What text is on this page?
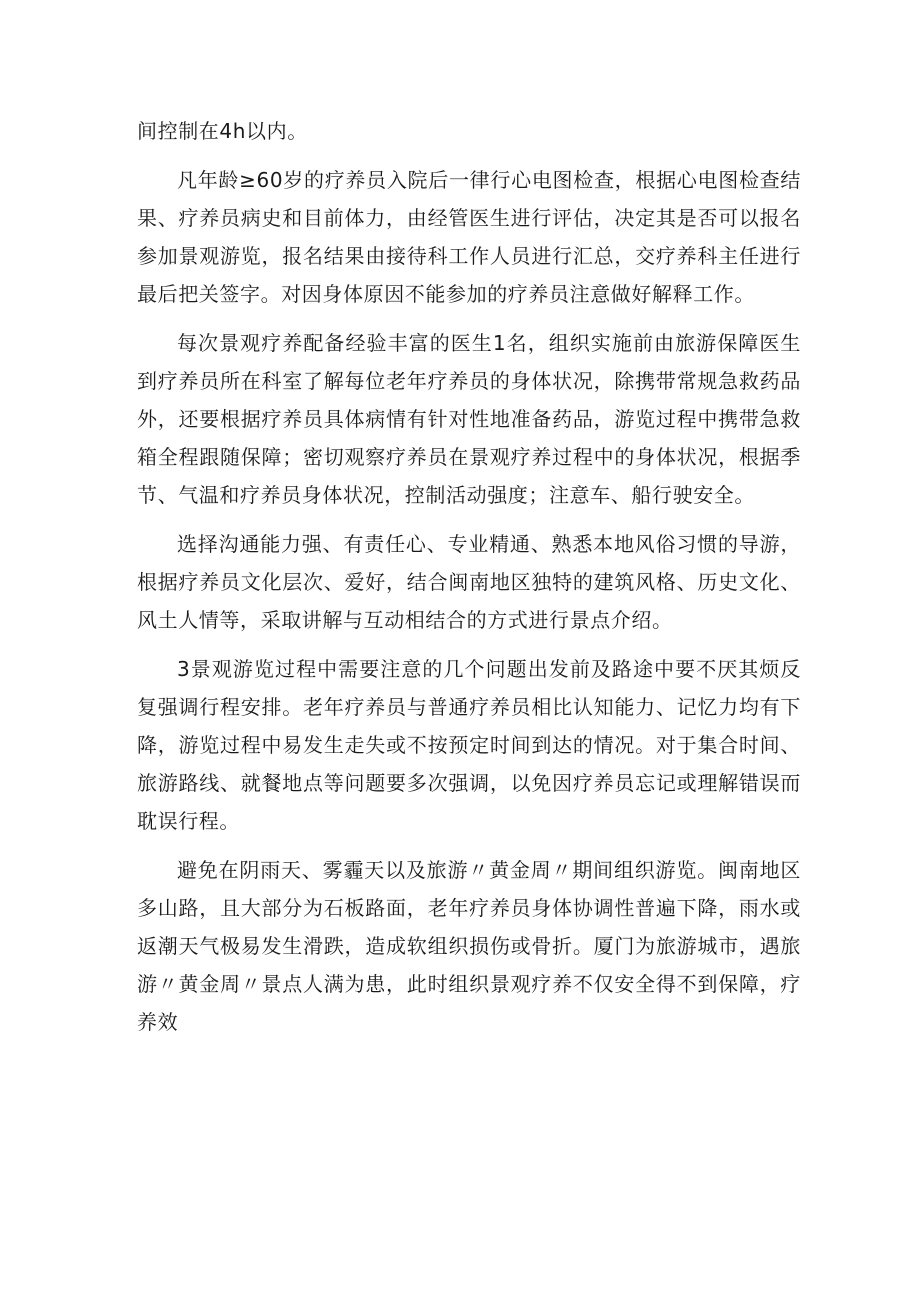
间控制在4h以内。

凡年龄≥60岁的疗养员入院后一律行心电图检查，根据心电图检查结果、疗养员病史和目前体力，由经管医生进行评估，决定其是否可以报名参加景观游览，报名结果由接待科工作人员进行汇总，交疗养科主任进行最后把关签字。对因身体原因不能参加的疗养员注意做好解释工作。

每次景观疗养配备经验丰富的医生1名，组织实施前由旅游保障医生到疗养员所在科室了解每位老年疗养员的身体状况，除携带常规急救药品外，还要根据疗养员具体病情有针对性地准备药品，游览过程中携带急救箱全程跟随保障；密切观察疗养员在景观疗养过程中的身体状况，根据季节、气温和疗养员身体状况，控制活动强度；注意车、船行驶安全。

选择沟通能力强、有责任心、专业精通、熟悉本地风俗习惯的导游，根据疗养员文化层次、爱好，结合闽南地区独特的建筑风格、历史文化、风土人情等，采取讲解与互动相结合的方式进行景点介绍。

3景观游览过程中需要注意的几个问题出发前及路途中要不厌其烦反复强调行程安排。老年疗养员与普通疗养员相比认知能力、记忆力均有下降，游览过程中易发生走失或不按预定时间到达的情况。对于集合时间、旅游路线、就餐地点等问题要多次强调，以免因疗养员忘记或理解错误而耽误行程。

避免在阴雨天、雾霾天以及旅游〃黄金周〃期间组织游览。闽南地区多山路，且大部分为石板路面，老年疗养员身体协调性普遍下降，雨水或返潮天气极易发生滑跌，造成软组织损伤或骨折。厦门为旅游城市，遇旅游〃黄金周〃景点人满为患，此时组织景观疗养不仅安全得不到保障，疗养效
